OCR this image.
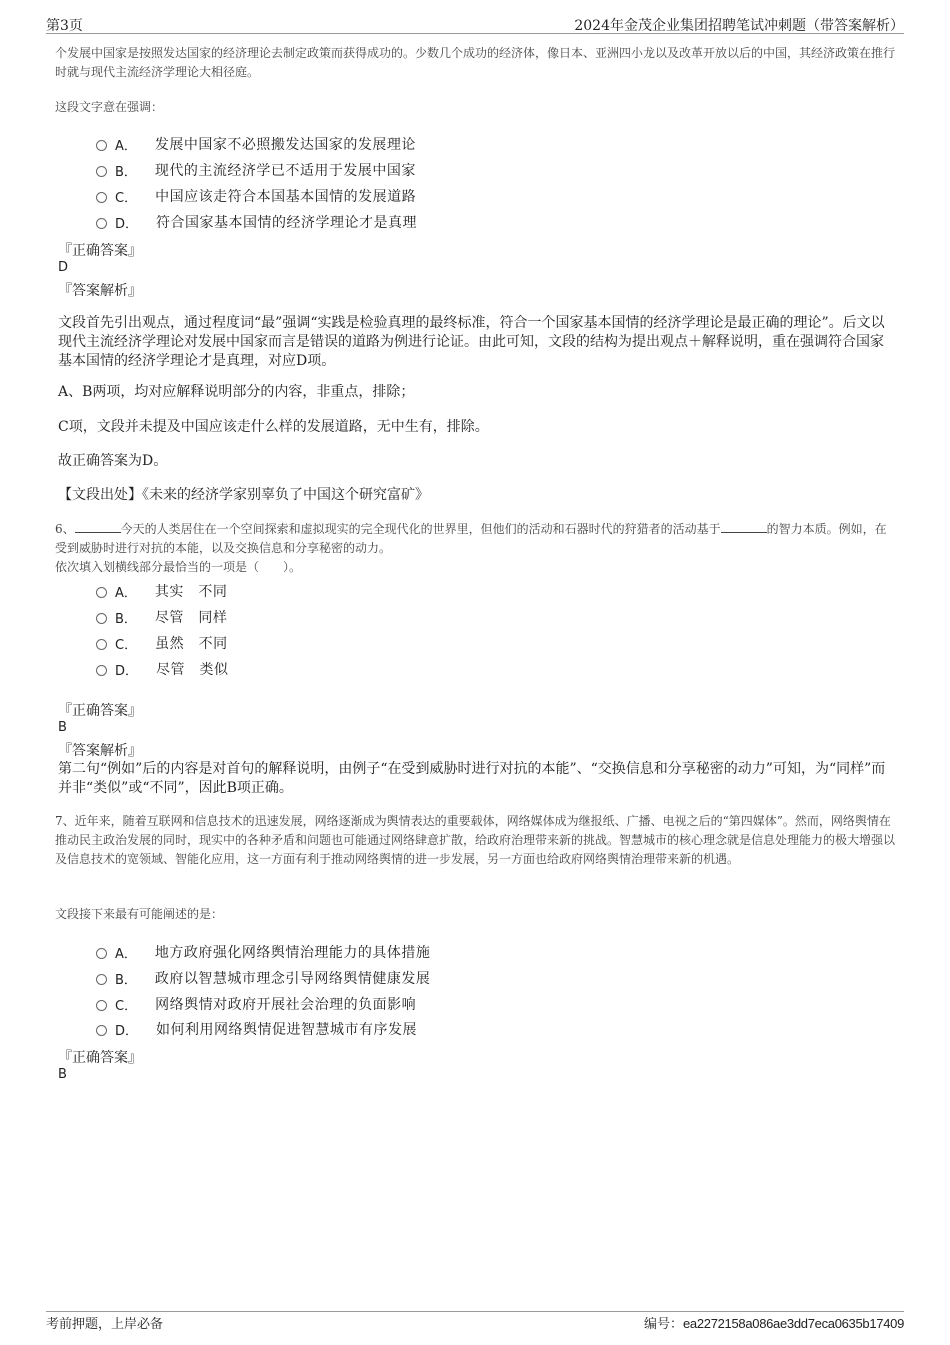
第3页	2024年金茂企业集团招聘笔试冲刺题（带答案解析）
个发展中国家是按照发达国家的经济理论去制定政策而获得成功的。少数几个成功的经济体，像日本、亚洲四小龙以及改革开放以后的中国，其经济政策在推行时就与现代主流经济学理论大相径庭。
这段文字意在强调：
A． 发展中国家不必照搬发达国家的发展理论
B． 现代的主流经济学已不适用于发展中国家
C． 中国应该走符合本国基本国情的发展道路
D． 符合国家基本国情的经济学理论才是真理
『正确答案』
D
『答案解析』
文段首先引出观点，通过程度词“最”强调“实践是检验真理的最终标准，符合一个国家基本国情的经济学理论是最正确的理论”。后文以现代主流经济学理论对发展中国家而言是错误的道路为例进行论证。由此可知，文段的结构为提出观点＋解释说明，重在强调符合国家基本国情的经济学理论才是真理，对应D项。
A、B两项，均对应解释说明部分的内容，非重点，排除；
C项，文段并未提及中国应该走什么样的发展道路，无中生有，排除。
故正确答案为D。
【文段出处】《未来的经济学家别辜负了中国这个研究富矿》
6、	今天的人类居住在一个空间探索和虚拟现实的完全现代化的世界里，但他们的活动和石器时代的狩猎者的活动基于	的智力本质。例如，在受到威胁时进行对抗的本能，以及交换信息和分享秘密的动力。
依次填入划横线部分最恰当的一项是（　　）。
A． 其实　不同
B． 尽管　同样
C． 虽然　不同
D． 尽管　类似
『正确答案』
B
『答案解析』
第二句“例如”后的内容是对首句的解释说明，由例子“在受到威胁时进行对抗的本能”、“交换信息和分享秘密的动力”可知，为“同样”而并非“类似”或“不同”，因此B项正确。
7、近年来，随着互联网和信息技术的迅速发展，网络逐渐成为舆情表达的重要载体，网络媒体成为继报纸、广播、电视之后的“第四媒体”。然而，网络舆情在推动民主政治发展的同时，现实中的各种矛盾和问题也可能通过网络肆意扩散，给政府治理带来新的挑战。智慧城市的核心理念就是信息处理能力的极大增强以及信息技术的宽领域、智能化应用，这一方面有利于推动网络舆情的进一步发展，另一方面也给政府网络舆情治理带来新的机遇。
文段接下来最有可能阐述的是：
A． 地方政府强化网络舆情治理能力的具体措施
B． 政府以智慧城市理念引导网络舆情健康发展
C． 网络舆情对政府开展社会治理的负面影响
D． 如何利用网络舆情促进智慧城市有序发展
『正确答案』
B
考前押题，上岸必备	编号：ea2272158a086ae3dd7eca0635b17409
